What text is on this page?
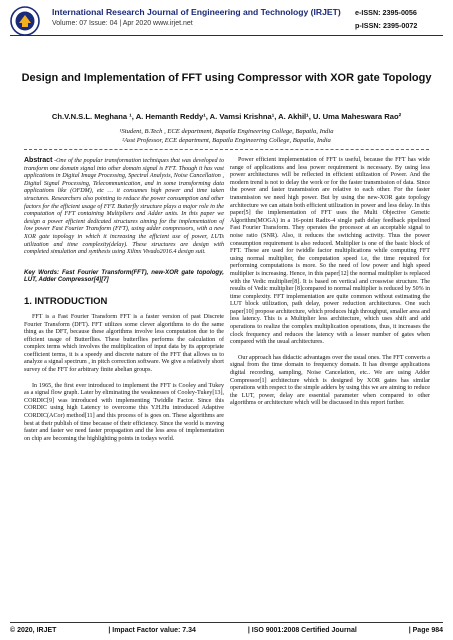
International Research Journal of Engineering and Technology (IRJET)
Volume: 07 Issue: 04 | Apr 2020 www.irjet.net
e-ISSN: 2395-0056
p-ISSN: 2395-0072
Design and Implementation of FFT using Compressor with XOR gate Topology
Ch.V.N.S.L. Meghana ¹, A. Hemanth Reddy¹, A. Vamsi Krishna¹, A. Akhil¹, U. Uma Maheswara Rao²
¹Student, B.Tech , ECE department, Bapatla Engineering College, Bapatla, India
²Asst Professor, ECE department, Bapatla Engineering College, Bapatla, India

Abstract -One of the popular transformation techniques that was developed to transform one domain signal into other domain signal is FFT. Though it has vast applications in Digital Image Processing, Spectral Analysis, Noise Cancellation , Digital Signal Processing, Telecommunication, and in some transforming data applications like (OFDM), etc … it consumes high power and time taken structures. Researchers also pointing to reduce the power consumption and other factors for the efficient usage of FFT. Butterfly structure plays a major role in the computation of FFT containing Multipliers and Adder units. In this paper we design a power efficient dedicated structures aiming for the implementation of low power Fast Fourier Transform (FFT), using adder compressors, with a new XOR gate topology in which it increasing the efficient use of power, LUTs utilization and time complexity(delay). These structures are design with completed simulation and synthesis using Xilinx Vivado2016.4 design suit.

Key Words: Fast Fourier Transform(FFT), new-XOR gate topology, LUT, Adder Compressor[4][7]

1. INTRODUCTION

FFT is a Fast Fourier Transform FFT is a faster version of past Discrete Fourier Transform (DFT). FFT utilizes some clever algorithms to do the same thing as the DFT, because these algorithms involve less computation due to the efficient usage of Butterflies. These butterflies performs the calculation of complex terms which involves the multiplication of input data by its appropriate coefficient terms, it is a speedy and discrete nature of the FFT that allows us to analyze a signal spectrum , in pitch correction software. We give a relatively short survey of the FFT for arbitrary finite abelian groups.

In 1965, the first ever introduced to implement the FFT is Cooley and Tukey as a signal flow graph. Later by eliminating the weaknesses of Cooley-Tukey[13], CORDIC[9] was introduced with implementing Twiddle Factor. Since this CORDIC using high Latency to overcome this Y.H.Hu introduced Adaptive CORDIC(ACor) method[11] and this process of is goes on. These algorithms are best at their publish of time because of their efficiency. Since the world is moving faster and faster we need faster propagation and the less area of implementation on chip are becoming the highlighting points in todays world.

Power efficient implementation of FFT is useful, because the FFT has wide range of applications and less power requirement is necessary. By using less power architectures will be reflected in efficient utilization of Power. And the modern trend is not to delay the work or for the faster transmission of data. Since the power and faster transmission are relative to each other. For the faster transmission we need high power. But by using the new-XOR gate topology architecture we can attain both efficient utilization in power and less delay. In this paper[5] the implementation of FFT uses the Multi Objective Genetic Algorithm(MOGA) in a 16-point Radix-4 single path delay feedback pipelined Fast Fourier Transform. They operates the processor at an acceptable signal to noise ratio (SNR). Also, it reduces the switching activity. Thus the power consumption requirement is also reduced. Multiplier is one of the basic block of FFT. These are used for twiddle factor multiplications while computing FFT using normal multiplier, the computation speed i.e, the time required for performing computations is more. So the need of low power and high speed multiplier is increasing. Hence, in this paper[12] the normal multiplier is replaced with the Vedic multiplier[8]. It is based on vertical and crosswise structure. The results of Vedic multiplier [8]compared to normal multiplier is reduced by 50% in time complexity. FFT implementation are quite common without estimating the LUT block utilization, path delay, power reduction architectures. One such paper[10] propose architecture, which produces high throughput, smaller area and less latency. This is a Multiplier less architecture, which uses shift and add operations to realize the complex multiplication operations, thus, it increases the clock frequency and reduces the latency with a lesser number of gates when compared with the usual architectures.

Our approach has didactic advantages over the usual ones. The FFT converts a signal from the time domain to frequency domain. It has diverge applications digital recording, sampling, Noise Cancelation, etc.. We are using Adder Compressor[1] architecture which is designed by XOR gates has similar operations with respect to the simple adders by using this we are aiming to reduce the LUT, power, delay are essential parameter when compared to other algorithms or architecture which will be discussed in this report further.

© 2020, IRJET	| Impact Factor value: 7.34	| ISO 9001:2008 Certified Journal	| Page 984
